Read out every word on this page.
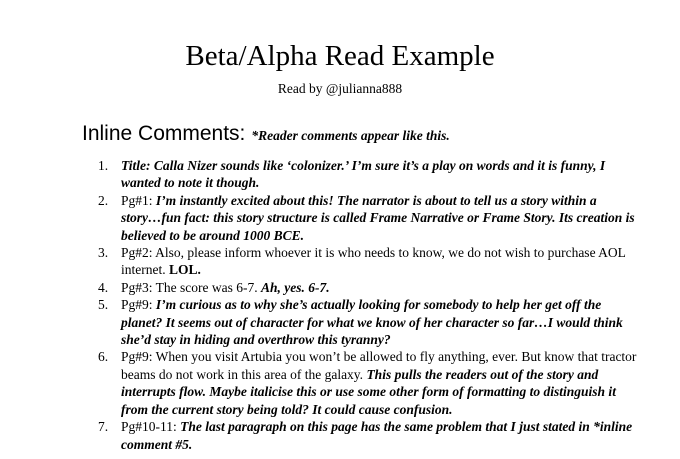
Beta/Alpha Read Example
Read by @julianna888
Inline Comments: *Reader comments appear like this.
1. Title: Calla Nizer sounds like ‘colonizer.’ I’m sure it’s a play on words and it is funny, I wanted to note it though.
2. Pg#1: I’m instantly excited about this! The narrator is about to tell us a story within a story…fun fact: this story structure is called Frame Narrative or Frame Story. Its creation is believed to be around 1000 BCE.
3. Pg#2: Also, please inform whoever it is who needs to know, we do not wish to purchase AOL internet. LOL.
4. Pg#3: The score was 6-7. Ah, yes. 6-7.
5. Pg#9: I’m curious as to why she’s actually looking for somebody to help her get off the planet? It seems out of character for what we know of her character so far…I would think she’d stay in hiding and overthrow this tyranny?
6. Pg#9: When you visit Artubia you won’t be allowed to fly anything, ever. But know that tractor beams do not work in this area of the galaxy. This pulls the readers out of the story and interrupts flow. Maybe italicise this or use some other form of formatting to distinguish it from the current story being told? It could cause confusion.
7. Pg#10-11: The last paragraph on this page has the same problem that I just stated in *inline comment #5.
